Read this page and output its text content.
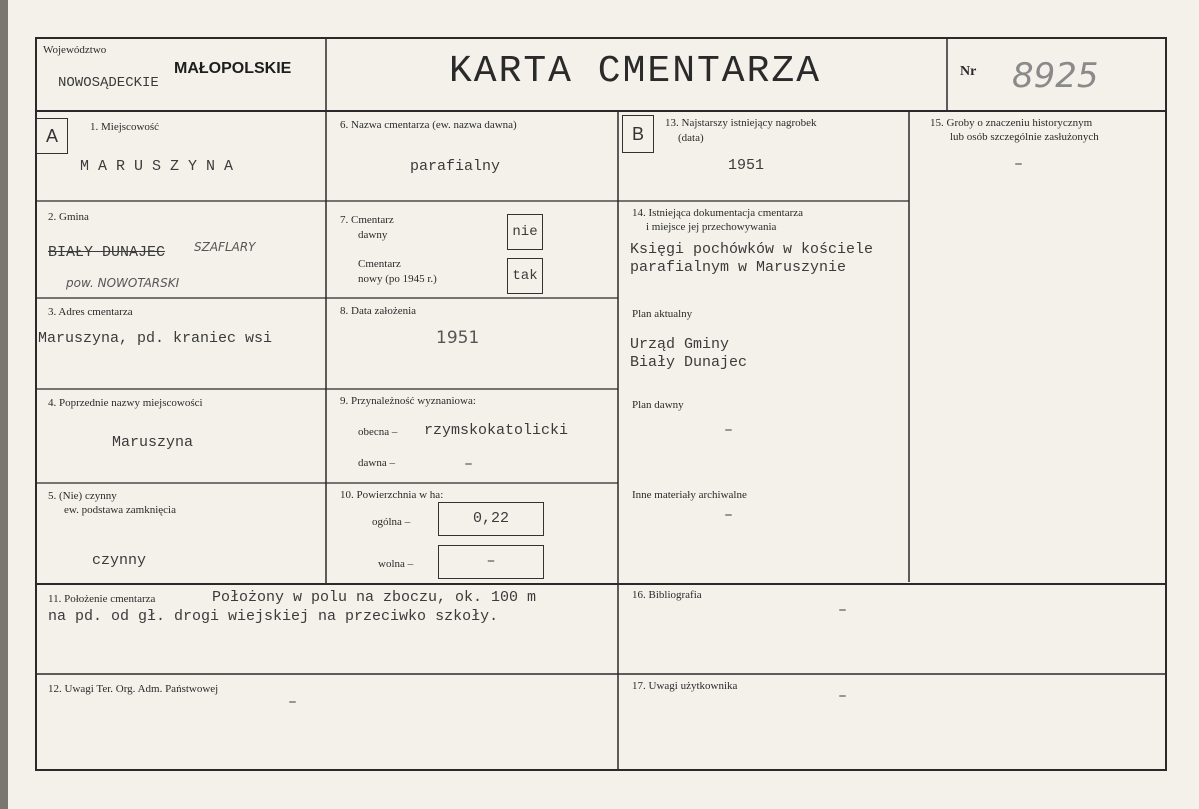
Województwo
MAŁOPOLSKIE
NOWOSĄDECKIE	KARTA CMENTARZA	Nr 8925
A	B
1. Miejscowość
M A R U S Z Y N A
2. Gmina
BIAŁY DUNAJEC SZAFLARY
pow. NOWOTARSKI
3. Adres cmentarza
Maruszyna, pd. kraniec wsi
4. Poprzednie nazwy miejscowości
Maruszyna
5. (Nie) czynny
ew. podstawa zamknięcia
czynny
6. Nazwa cmentarza (ew. nazwa dawna)
parafialny
7. Cmentarz
dawny	nie
Cmentarz
nowy (po 1945 r.)	tak
8. Data założenia
1951
9. Przynależność wyznaniowa:
obecna – rzymskokatolicki
dawna –	–
10. Powierzchnia w ha:
ogólna –	0,22
wolna –	–
11. Położenie cmentarza	Położony w polu na zboczu, ok. 100 m
na pd. od gł. drogi wiejskiej na przeciwko szkoły.
12. Uwagi Ter. Org. Adm. Państwowej
–
13. Najstarszy istniejący nagrobek
(data)
1951
14. Istniejąca dokumentacja cmentarza
i miejsce jej przechowywania
Księgi pochówków w kościele
parafialnym w Maruszynie
Plan aktualny
Urząd Gminy
Biały Dunajec
Plan dawny
–
Inne materiały archiwalne
–
15. Groby o znaczeniu historycznym
lub osób szczególnie zasłużonych
–
16. Bibliografia
–
17. Uwagi użytkownika
–
